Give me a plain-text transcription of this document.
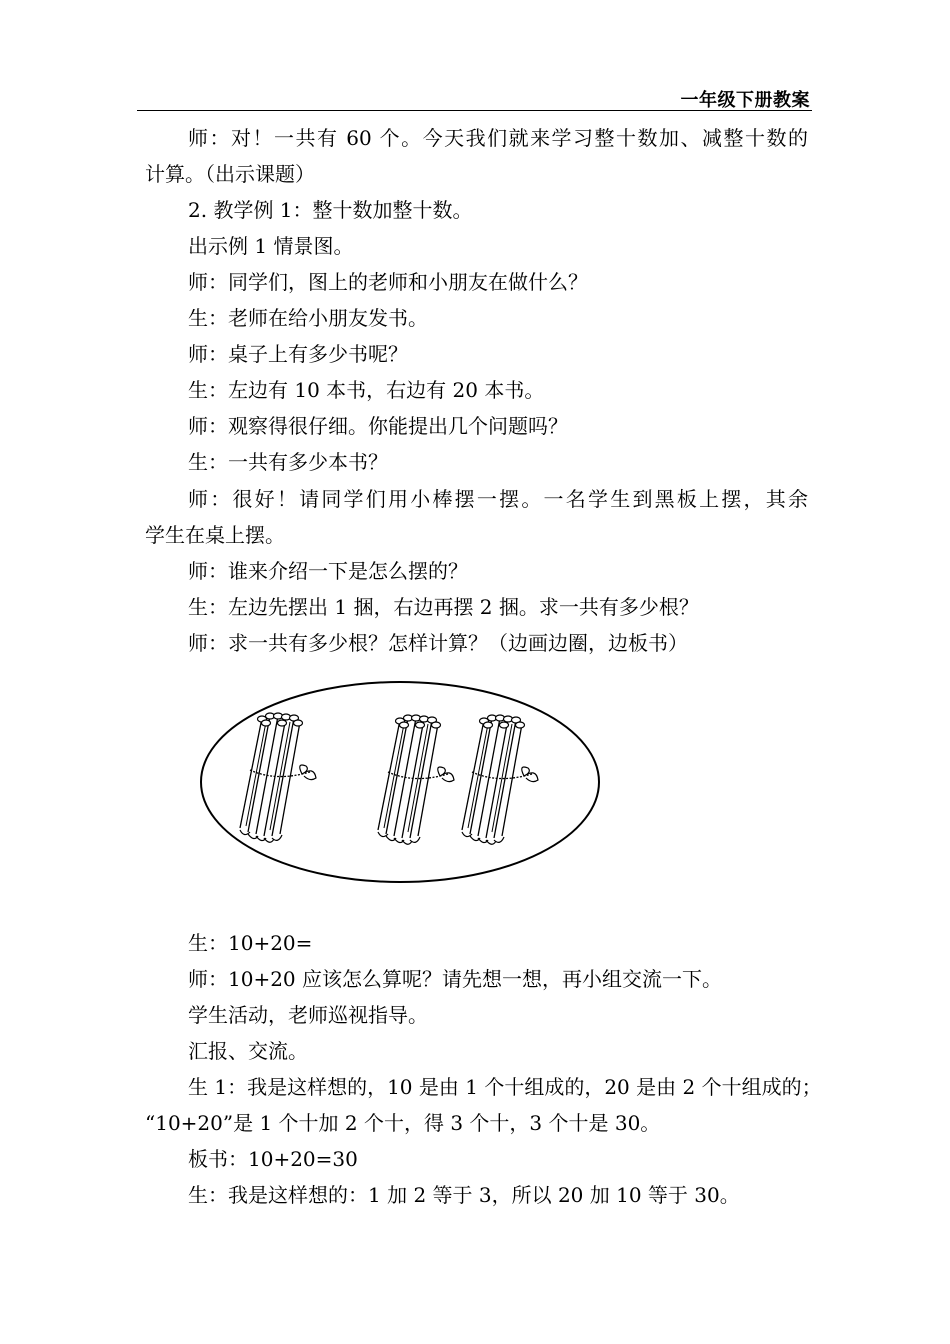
一年级下册教案
师：对！一共有 60 个。今天我们就来学习整十数加、减整十数的
计算。（出示课题）
2. 教学例 1：整十数加整十数。
出示例 1 情景图。
师：同学们，图上的老师和小朋友在做什么？
生：老师在给小朋友发书。
师：桌子上有多少书呢？
生：左边有 10 本书，右边有 20 本书。
师：观察得很仔细。你能提出几个问题吗？
生：一共有多少本书？
师：很好！请同学们用小棒摆一摆。一名学生到黑板上摆，其余
学生在桌上摆。
师：谁来介绍一下是怎么摆的？
生：左边先摆出 1 捆，右边再摆 2 捆。求一共有多少根？
师：求一共有多少根？怎样计算？（边画边圈，边板书）
生：10+20=
师：10+20 应该怎么算呢？请先想一想，再小组交流一下。
学生活动，老师巡视指导。
汇报、交流。
生 1：我是这样想的，10 是由 1 个十组成的，20 是由 2 个十组成的；
“10+20”是 1 个十加 2 个十，得 3 个十，3 个十是 30。
板书：10+20=30
生：我是这样想的：1 加 2 等于 3，所以 20 加 10 等于 30。
